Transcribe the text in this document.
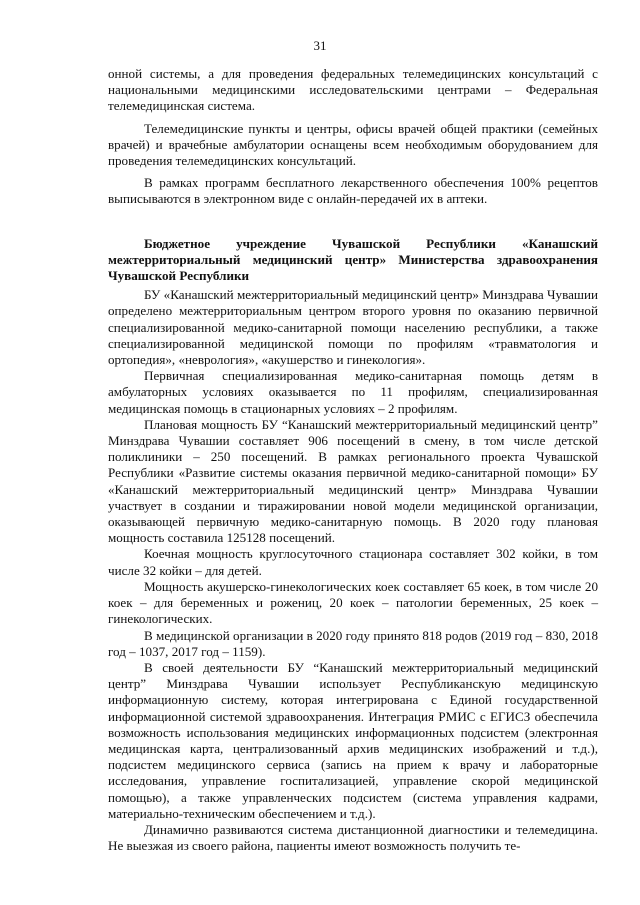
31

онной системы, а для проведения федеральных телемедицинских консультаций с национальными медицинскими исследовательскими центрами – Федеральная телемедицинская система.

Телемедицинские пункты и центры, офисы врачей общей практики (семейных врачей) и врачебные амбулатории оснащены всем необходимым оборудованием для проведения телемедицинских консультаций.

В рамках программ бесплатного лекарственного обеспечения 100% рецептов выписываются в электронном виде с онлайн-передачей их в аптеки.

Бюджетное учреждение Чувашской Республики «Канашский межтерриториальный медицинский центр» Министерства здравоохранения Чувашской Республики

БУ «Канашский межтерриториальный медицинский центр» Минздрава Чувашии определено межтерриториальным центром второго уровня по оказанию первичной специализированной медико-санитарной помощи населению республики, а также специализированной медицинской помощи по профилям «травматология и ортопедия», «неврология», «акушерство и гинекология».

Первичная специализированная медико-санитарная помощь детям в амбулаторных условиях оказывается по 11 профилям, специализированная медицинская помощь в стационарных условиях – 2 профилям.

Плановая мощность БУ “Канашский межтерриториальный медицинский центр” Минздрава Чувашии составляет 906 посещений в смену, в том числе детской поликлиники – 250 посещений. В рамках регионального проекта Чувашской Республики «Развитие системы оказания первичной медико-санитарной помощи» БУ «Канашский межтерриториальный медицинский центр» Минздрава Чувашии участвует в создании и тиражировании новой модели медицинской организации, оказывающей первичную медико-санитарную помощь. В 2020 году плановая мощность составила 125128 посещений.

Коечная мощность круглосуточного стационара составляет 302 койки, в том числе 32 койки – для детей.

Мощность акушерско-гинекологических коек составляет 65 коек, в том числе 20 коек – для беременных и рожениц, 20 коек – патологии беременных, 25 коек – гинекологических.

В медицинской организации в 2020 году принято 818 родов (2019 год – 830, 2018 год – 1037, 2017 год – 1159).

В своей деятельности БУ “Канашский межтерриториальный медицинский центр” Минздрава Чувашии использует Республиканскую медицинскую информационную систему, которая интегрирована с Единой государственной информационной системой здравоохранения. Интеграция РМИС с ЕГИСЗ обеспечила возможность использования медицинских информационных подсистем (электронная медицинская карта, централизованный архив медицинских изображений и т.д.), подсистем медицинского сервиса (запись на прием к врачу и лабораторные исследования, управление госпитализацией, управление скорой медицинской помощью), а также управленческих подсистем (система управления кадрами, материально-техническим обеспечением и т.д.).

Динамично развиваются система дистанционной диагностики и телемедицина. Не выезжая из своего района, пациенты имеют возможность получить те-
